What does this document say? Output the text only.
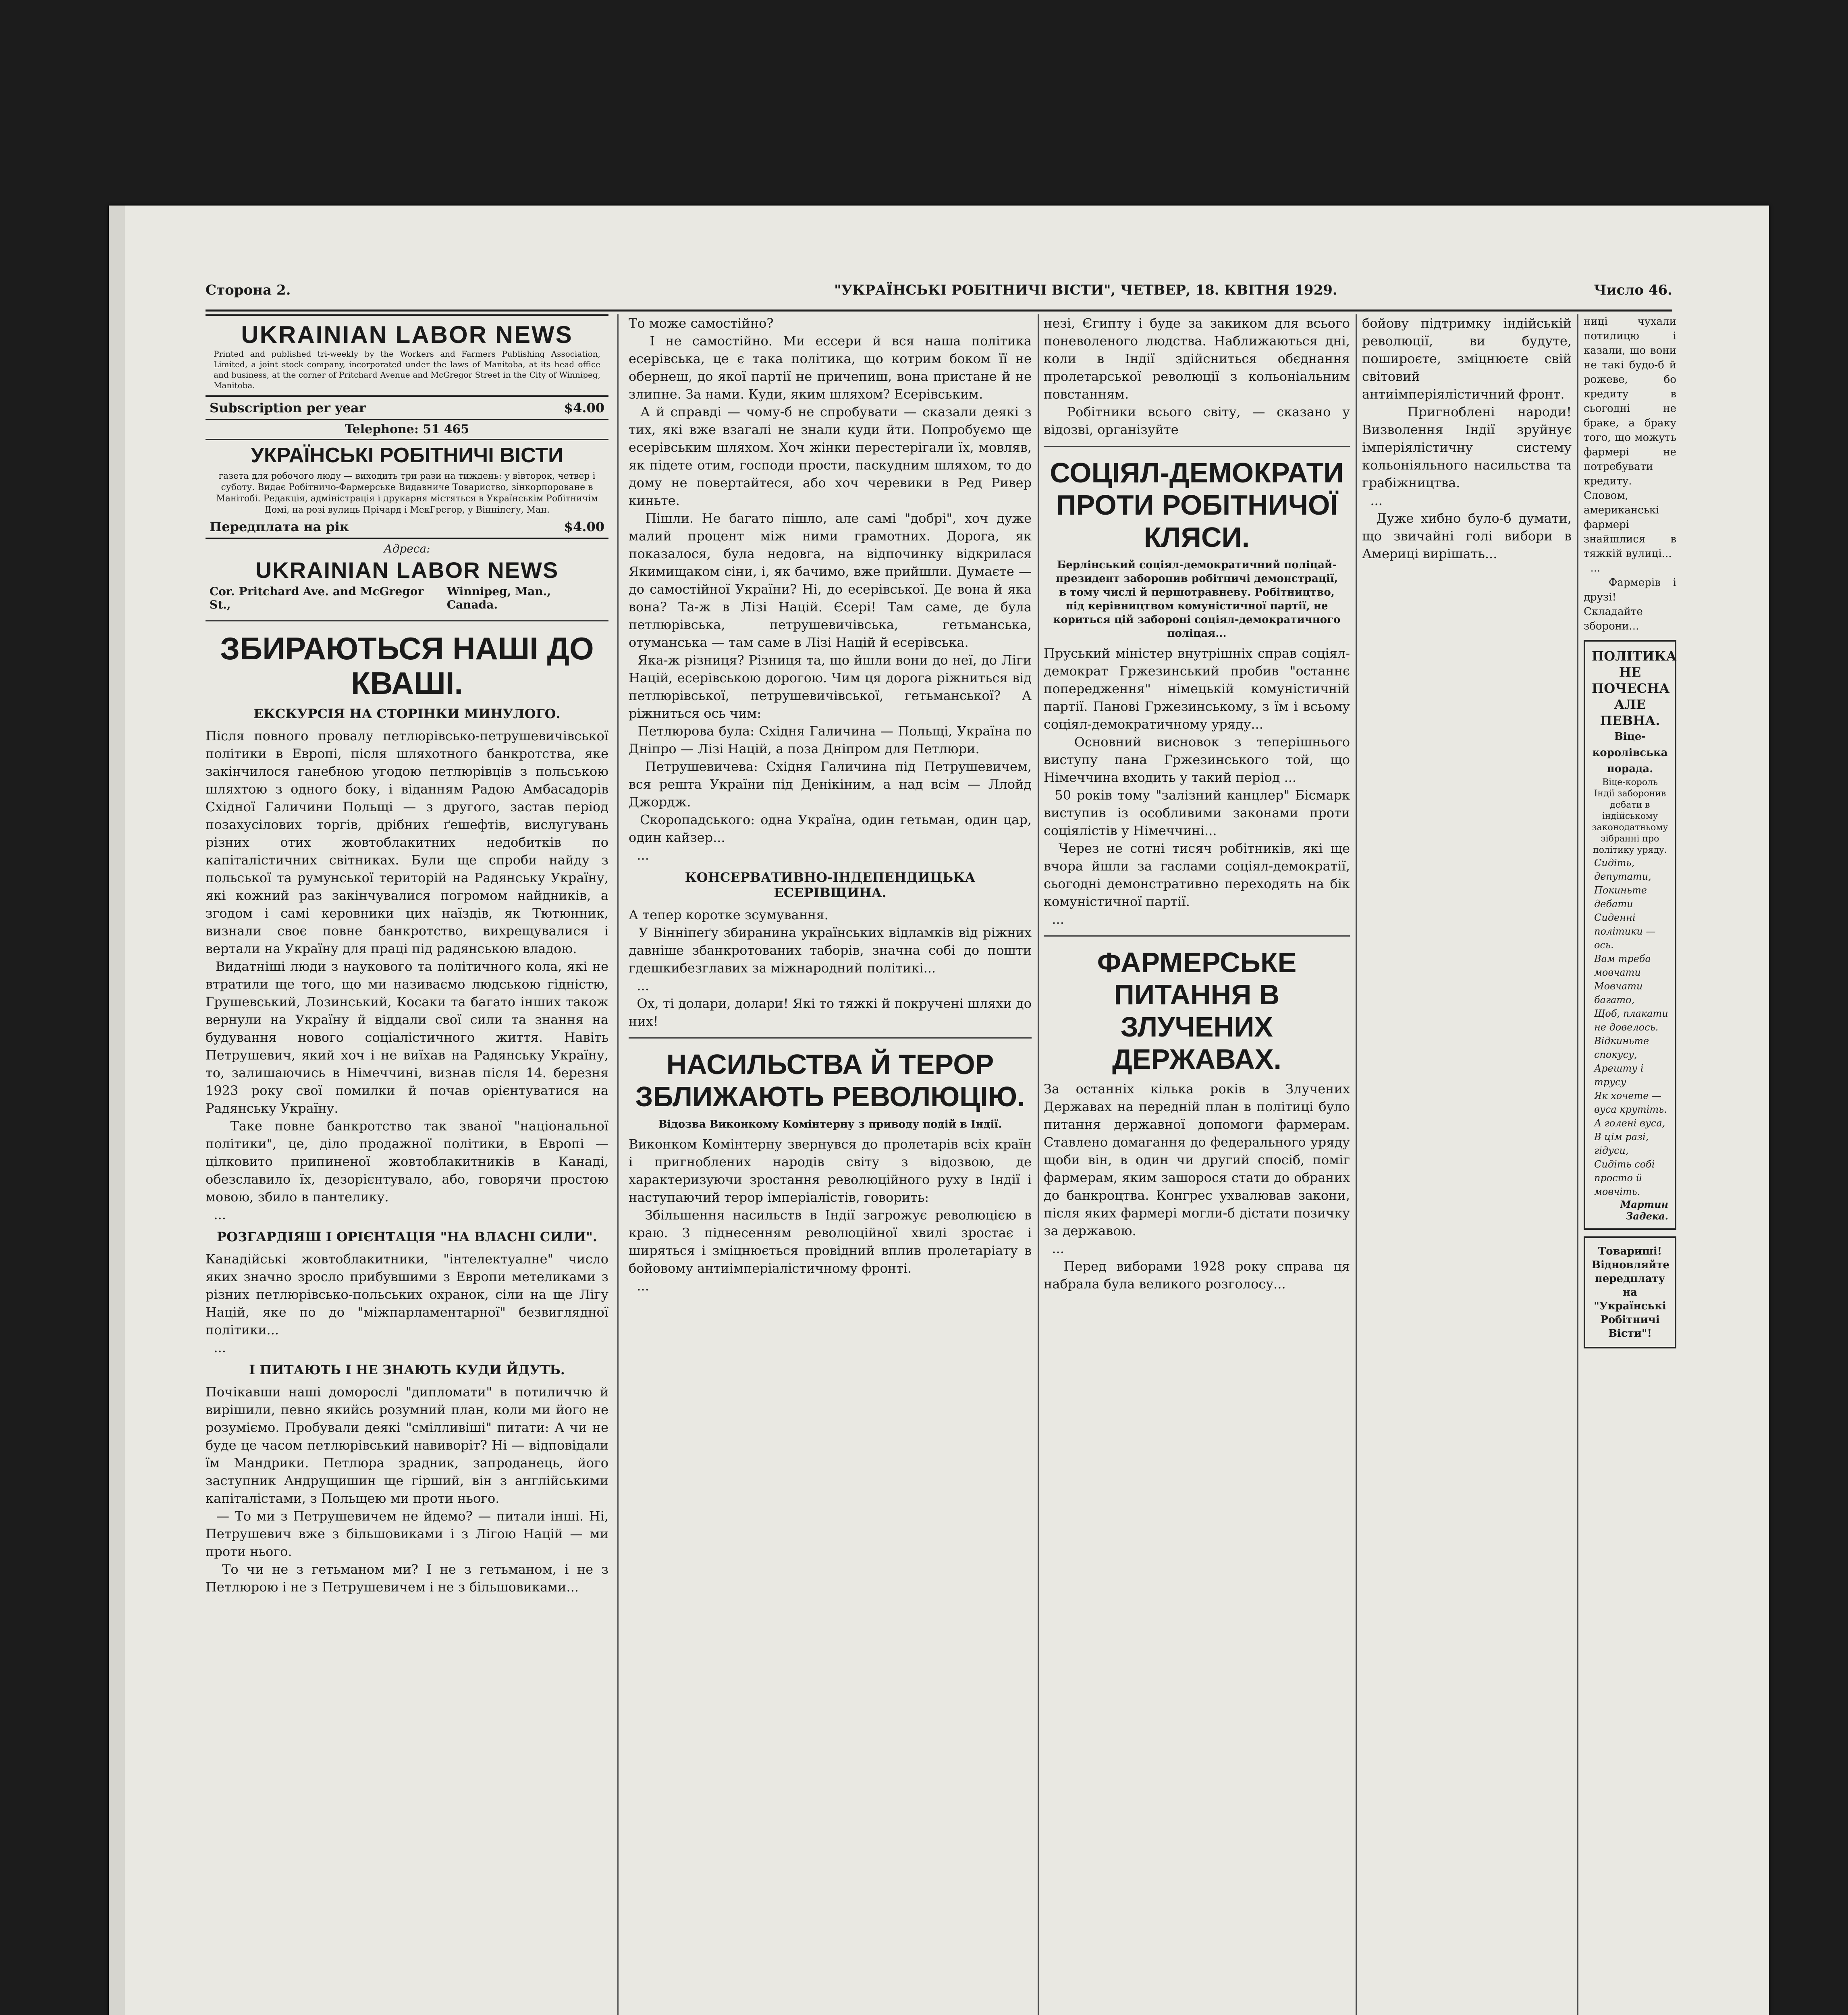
Сторона 2.	"УКРАЇНСЬКІ РОБІТНИЧІ ВІСТИ", ЧЕТВЕР, 18. КВІТНЯ 1929.	Число 46.
UKRAINIAN LABOR NEWS
Printed and published tri-weekly by the Workers and Farmers Publishing Association, Limited, a joint stock company, incorporated under the laws of Manitoba, at its head office and business, at the corner of Pritchard Avenue and McGregor Street in the City of Winnipeg, Manitoba.
Subscription per year	$4.00
Telephone: 51 465
УКРАЇНСЬКІ РОБІТНИЧІ ВІСТИ
газета для робочого люду — виходить три рази на тиждень: у вівторок, четвер і суботу. Видає Робітничо-Фармерське Видавниче Товариство, зінкорпороване в Манітобі. Редакція, адміністрація і друкарня містяться в Українськім Робітничім Домі, на розі вулиць Прічард і МекГрегор, у Вінніпеґу, Ман.
Передплата на рік	$4.00
Адреса:
UKRAINIAN LABOR NEWS
Cor. Pritchard Ave. and McGregor St.,
Winnipeg, Man., Canada.
ЗБИРАЮТЬСЯ НАШІ ДО КВАШІ.
ЕКСКУРСІЯ НА СТОРІНКИ МИНУЛОГО.
Після повного провалу петлюрівсько-петрушевичівської політики в Европі, після шляхотного банкротства, яке закінчилося ганебною угодою петлюрівців з польською шляхтою з одного боку, і віданням Радою Амбасадорів Східної Галичини Польщі — з другого, застав період позахусілових торгів, дрібних ґешефтів, вислугувань різних отих жовтоблакитних недобитків по капіталістичних світниках. Були ще спроби найду з польської та румунської територій на Радянську Україну, які кожний раз закінчувалися погромом найдників, а згодом і самі керовники цих наїздів, як Тютюнник, визнали своє повне банкротство, вихрещувалися і вертали на Україну для праці під радянською владою.
Видатніші люди з наукового та політичного кола, які не втратили ще того, що ми називаємо людською гідністю, Грушевський, Лозинський, Косаки та багато інших також вернули на Україну й віддали свої сили та знання на будування нового соціалістичного життя. Навіть Петрушевич, який хоч і не виїхав на Радянську Україну, то, залишаючись в Німеччині, визнав після 14. березня 1923 року свої помилки й почав орієнтуватися на Радянську Україну.
Таке повне банкротство так званої "національної політики", це, діло продажної політики, в Европі — цілковито припиненої жовтоблакитників в Канаді, обезславило їх, дезорієнтувало, або, говорячи простою мовою, збило в пантелику.
...
РОЗГАРДІЯШ І ОРІЄНТАЦІЯ "НА ВЛАСНІ СИЛИ".
Канадійські жовтоблакитники, "інтелектуалне" число яких значно зросло прибувшими з Европи метеликами з різних петлюрівсько-польських охранок, сіли на ще Лігу Націй, яке по до "міжпарламентарної" безвиглядної політики...
...
І ПИТАЮТЬ І НЕ ЗНАЮТЬ КУДИ ЙДУТЬ.
Почікавши наші доморослі "дипломати" в потиличчю й вирішили, певно якийсь розумний план, коли ми його не розуміємо. Пробували деякі "смілливіші" питати: А чи не буде це часом петлюрівський навиворіт? Ні — відповідали їм Мандрики. Петлюра зрадник, запроданець, його заступник Андрущишин ще гірший, він з англійськими капіталістами, з Польщею ми проти нього.
— То ми з Петрушевичем не йдемо? — питали інші. Ні, Петрушевич вже з більшовиками і з Лігою Націй — ми проти нього.
То чи не з гетьманом ми? І не з гетьманом, і не з Петлюрою і не з Петрушевичем і не з більшовиками...
То може самостійно?
І не самостійно. Ми ессери й вся наша політика есерівська, це є така політика, що котрим боком її не обернеш, до якої партії не причепиш, вона пристане й не злипне. За нами. Куди, яким шляхом? Есерівським.
А й справді — чому-б не спробувати — сказали деякі з тих, які вже взагалі не знали куди йти. Попробуємо ще есерівським шляхом. Хоч жінки перестерігали їх, мовляв, як підете отим, господи прости, паскудним шляхом, то до дому не повертайтеся, або хоч черевики в Ред Ривер киньте.
Пішли. Не багато пішло, але самі "добрі", хоч дуже малий процент між ними грамотних. Дорога, як показалося, була недовга, на відпочинку відкрилася Якимищаком сіни, і, як бачимо, вже прийшли. Думаєте — до самостійної України? Ні, до есерівської. Де вона й яка вона? Та-ж в Лізі Націй. Єсері! Там саме, де була петлюрівська, петрушевичівська, гетьманська, отуманська — там саме в Лізі Націй й есерівська.
Яка-ж різниця? Різниця та, що йшли вони до неї, до Ліги Націй, есерівською дорогою. Чим ця дорога ріжниться від петлюрівської, петрушевичівської, гетьманської? А ріжниться ось чим:
Петлюрова була: Східня Галичина — Польщі, Україна по Дніпро — Лізі Націй, а поза Дніпром для Петлюри.
Петрушевичева: Східня Галичина під Петрушевичем, вся решта України під Денікіним, а над всім — Ллойд Джордж.
Скоропадського: одна Україна, один гетьман, один цар, один кайзер...
...
КОНСЕРВАТИВНО-ІНДЕПЕНДИЦЬКА ЕСЕРІВЩИНА.
А тепер коротке зсумування.
У Вінніпеґу збиранина українських відламків від ріжних давніше збанкротованих таборів, значна собі до пошти гдешкибезглавих за міжнародний політикі...
...
Ох, ті долари, долари! Які то тяжкі й покручені шляхи до них!
НАСИЛЬСТВА Й ТЕРОР ЗБЛИЖАЮТЬ РЕВОЛЮЦІЮ.
Відозва Виконкому Комінтерну з приводу подій в Індії.
Виконком Комінтерну звернувся до пролетарів всіх країн і пригноблених народів світу з відозвою, де характеризуючи зростання революційного руху в Індії і наступаючий терор імперіалістів, говорить:
Збільшення насильств в Індії загрожує революцією в краю. З піднесенням революційної хвилі зростає і ширяться і зміцнюється провідний вплив пролетаріату в бойовому антиімперіалістичному фронті.
...
незі, Єгипту і буде за закиком для всього поневоленого людства. Наближаються дні, коли в Індії здійсниться обєднання пролетарської революції з кольоніальним повстанням.
Робітники всього світу, — сказано у відозві, організуйте
СОЦІЯЛ-ДЕМОКРАТИ ПРОТИ РОБІТНИЧОЇ КЛЯСИ.
Берлінський соціял-демократичний поліцай-президент заборонив робітничі демонстрації, в тому числі й першотравневу. Робітництво, під керівництвом комуністичної партії, не кориться цій забороні соціял-демократичного поліцая...
Пруський міністер внутрішніх справ соціял-демократ Гржезинський пробив "останнє попередження" німецькій комуністичній партії. Панові Гржезинському, з їм і всьому соціял-демократичному уряду...
Основний висновок з теперішнього виступу пана Гржезинського той, що Німеччина входить у такий період ...
50 років тому "залізний канцлер" Бісмарк виступив із особливими законами проти соціялістів у Німеччині...
Через не сотні тисяч робітників, які ще вчора йшли за гаслами соціял-демократії, сьогодні демонстративно переходять на бік комуністичної партії.
...
ФАРМЕРСЬКЕ ПИТАННЯ В ЗЛУЧЕНИХ ДЕРЖАВАХ.
За останніх кілька років в Злучених Державах на передній план в політиці було питання державної допомоги фармерам. Ставлено домагання до федерального уряду щоби він, в один чи другий спосіб, поміг фармерам, яким зашорося стати до обраних до банкроцтва. Конгрес ухвалював закони, після яких фармері могли-б дістати позичку за державою.
...
Перед виборами 1928 року справа ця набрала була великого розголосу...
бойову підтримку індійській революції, ви будуте, пошироєте, зміцнюєте свій світовий антиімперіялістичний фронт.
Пригноблені народи! Визволення Індії зруйнує імперіялістичну систему кольоніяльного насильства та грабіжництва.
...
Дуже хибно було-б думати, що звичайні голі вибори в Америці вирішать...
ниці чухали потилицю і казали, що вони не такі будо-б й рожеве, бо кредиту в сьогодні не браке, а браку того, що можуть фармері не потребувати кредиту. Словом, американські фармері знайшлися в тяжкій вулиці...
...
Фармерів і друзі! Складайте зборони...
ПОЛІТИКА НЕ ПОЧЕСНА АЛЕ ПЕВНА.
Віце-королівська порада.
Віце-король Індії заборонив дебати в індійському законодатньому зібранні про політику уряду.
Сидіть, депутати,
Покиньте дебати
Сиденні політики — ось.
Вам треба мовчати
Мовчати багато,
Щоб, плакати не довелось.
Відкиньте спокусу,
Арешту і трусу
Як хочете — вуса крутіть.
А голені вуса,
В цім разі, гідуси,
Сидіть собі просто й мовчіть.
Мартин Задека.
Товариші! Відновляйте передплату на "Українські Робітничі Вісти"!
